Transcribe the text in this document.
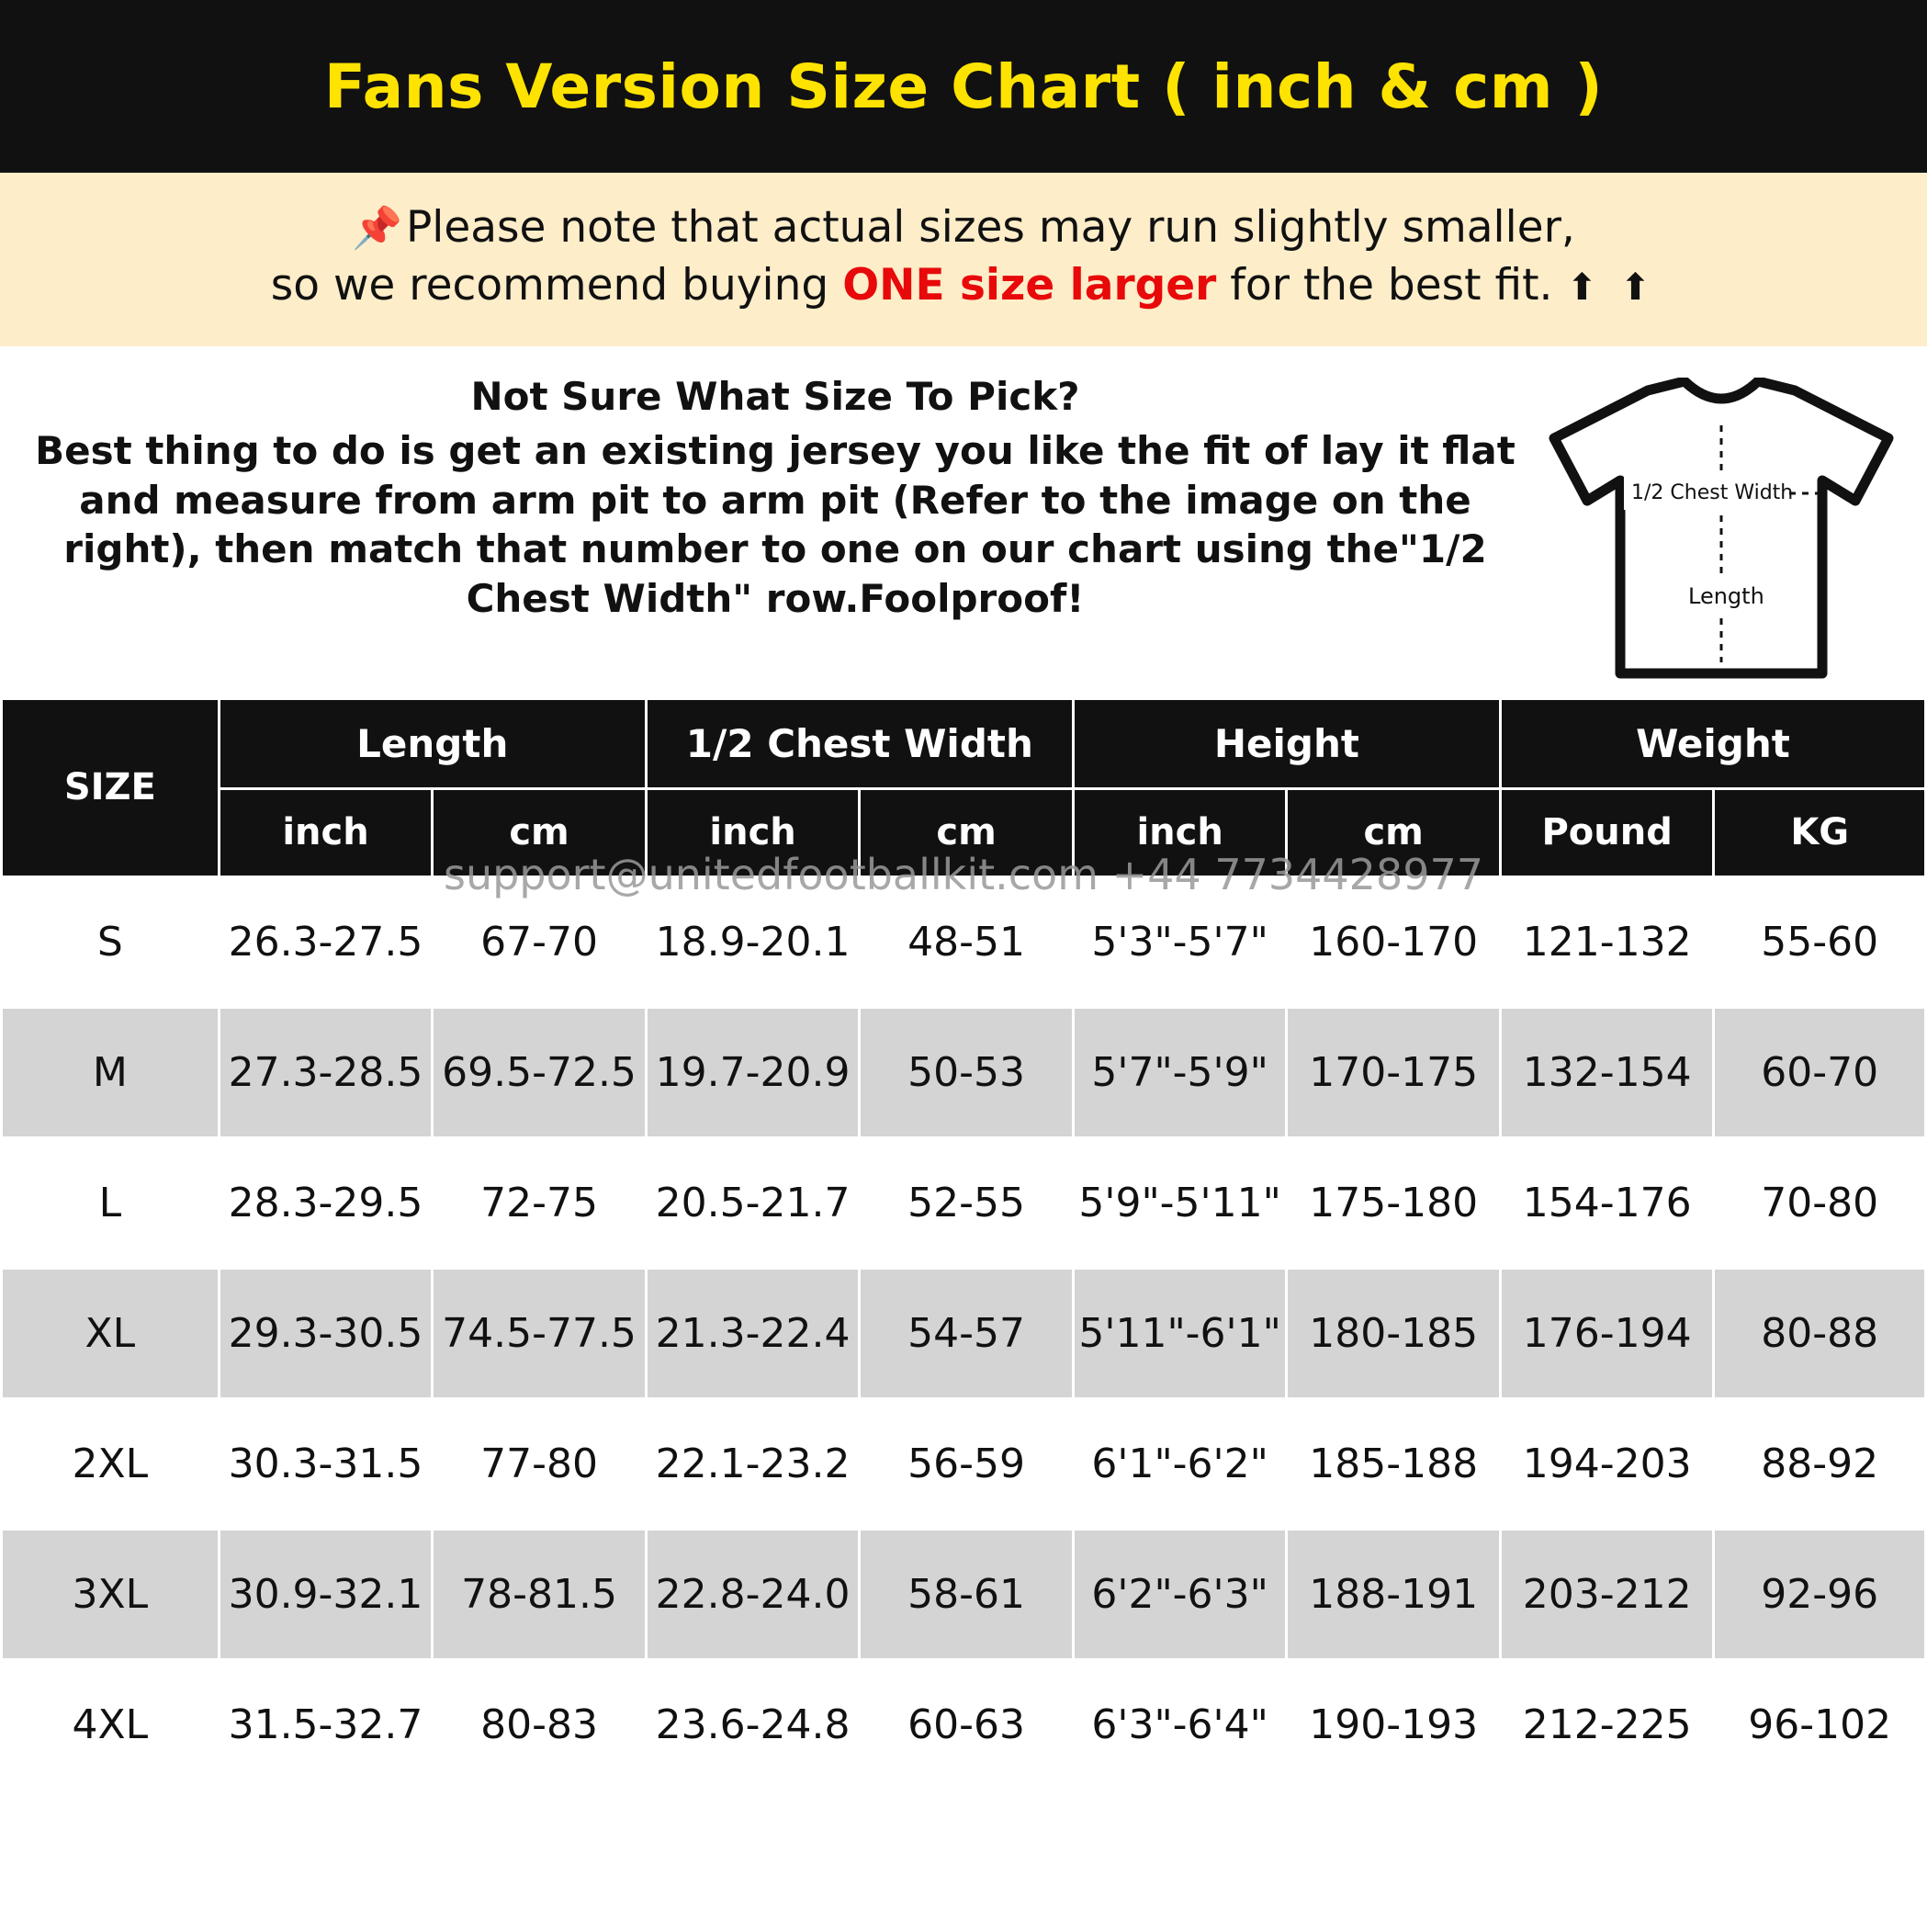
Fans Version Size Chart ( inch & cm )
📌Please note that actual sizes may run slightly smaller,
so we recommend buying ONE size larger for the best fit. ⬆ ⬆
Not Sure What Size To Pick?
Best thing to do is get an existing jersey you like the fit of lay it flat and measure from arm pit to arm pit (Refer to the image on the right), then match that number to one on our chart using the"1/2 Chest Width" row.Foolproof!
1/2 Chest Width
Length
SIZE	Length		1/2 Chest Width		Height		Weight	
	inch	cm	inch	cm	inch	cm	Pound	KG
S	26.3-27.5	67-70	18.9-20.1	48-51	5'3"-5'7"	160-170	121-132	55-60
M	27.3-28.5	69.5-72.5	19.7-20.9	50-53	5'7"-5'9"	170-175	132-154	60-70
L	28.3-29.5	72-75	20.5-21.7	52-55	5'9"-5'11"	175-180	154-176	70-80
XL	29.3-30.5	74.5-77.5	21.3-22.4	54-57	5'11"-6'1"	180-185	176-194	80-88
2XL	30.3-31.5	77-80	22.1-23.2	56-59	6'1"-6'2"	185-188	194-203	88-92
3XL	30.9-32.1	78-81.5	22.8-24.0	58-61	6'2"-6'3"	188-191	203-212	92-96
4XL	31.5-32.7	80-83	23.6-24.8	60-63	6'3"-6'4"	190-193	212-225	96-102
support@unitedfootballkit.com +44 7734428977
